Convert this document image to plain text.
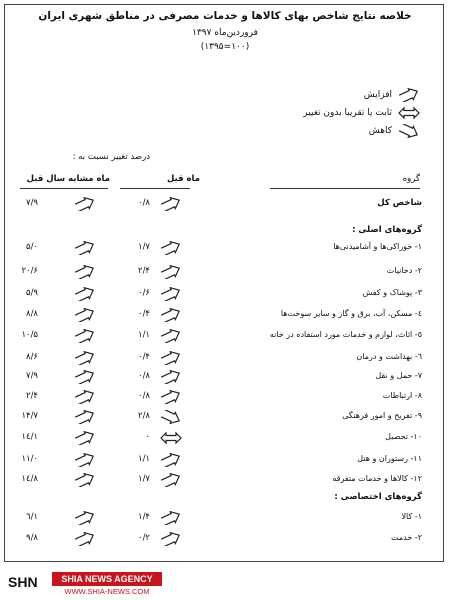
خلاصه نتایج شاخص بهای کالاها و خدمات مصرفی در مناطق شهری ایران
فروردین‌ماه ۱۳۹۷
(۱۰۰=۱۳۹۵)
افزایش
ثابت یا تقریبا بدون تغییر
کاهش
درصد تغییر نسبت به :
ماه قبل
ماه مشابه سال قبل	گروه
شاخص کل
۰/۸
۷/۹
گروه‌های اصلی :
۱- خوراکی‌ها و آشامیدنی‌ها
۱/۷
۵/۰
۲- دخانیات
۲/۴
۲۰/۶
۳- پوشاک و کفش
۰/۶
۵/۹
٤- مسکن، آب، برق و گاز و سایر سوخت‌ها
۰/۴
۸/۸
٥- اثاث، لوازم و خدمات مورد استفاده در خانه
۱/۱
۱۰/۵
٦- بهداشت و درمان
۰/۴
۸/۶
۷- حمل و نقل
۰/۸
۷/۹
۸- ارتباطات
۰/۸
۲/۴
۹- تفریح و امور فرهنگی
۲/۸
۱۴/۷
۱۰- تحصیل
۰
۱٤/۱
۱۱- رستوران و هتل
۱/۱
۱۱/۰
۱۲- کالاها و خدمات متفرقه
۱/۷
۱٤/۸
گروه‌های اختصاصی :
۱- کالا
۱/۴
٦/۱
۲- خدمت
۰/۲
۹/۸
SHN	SHIA NEWS AGENCY
WWW.SHIA-NEWS.COM
